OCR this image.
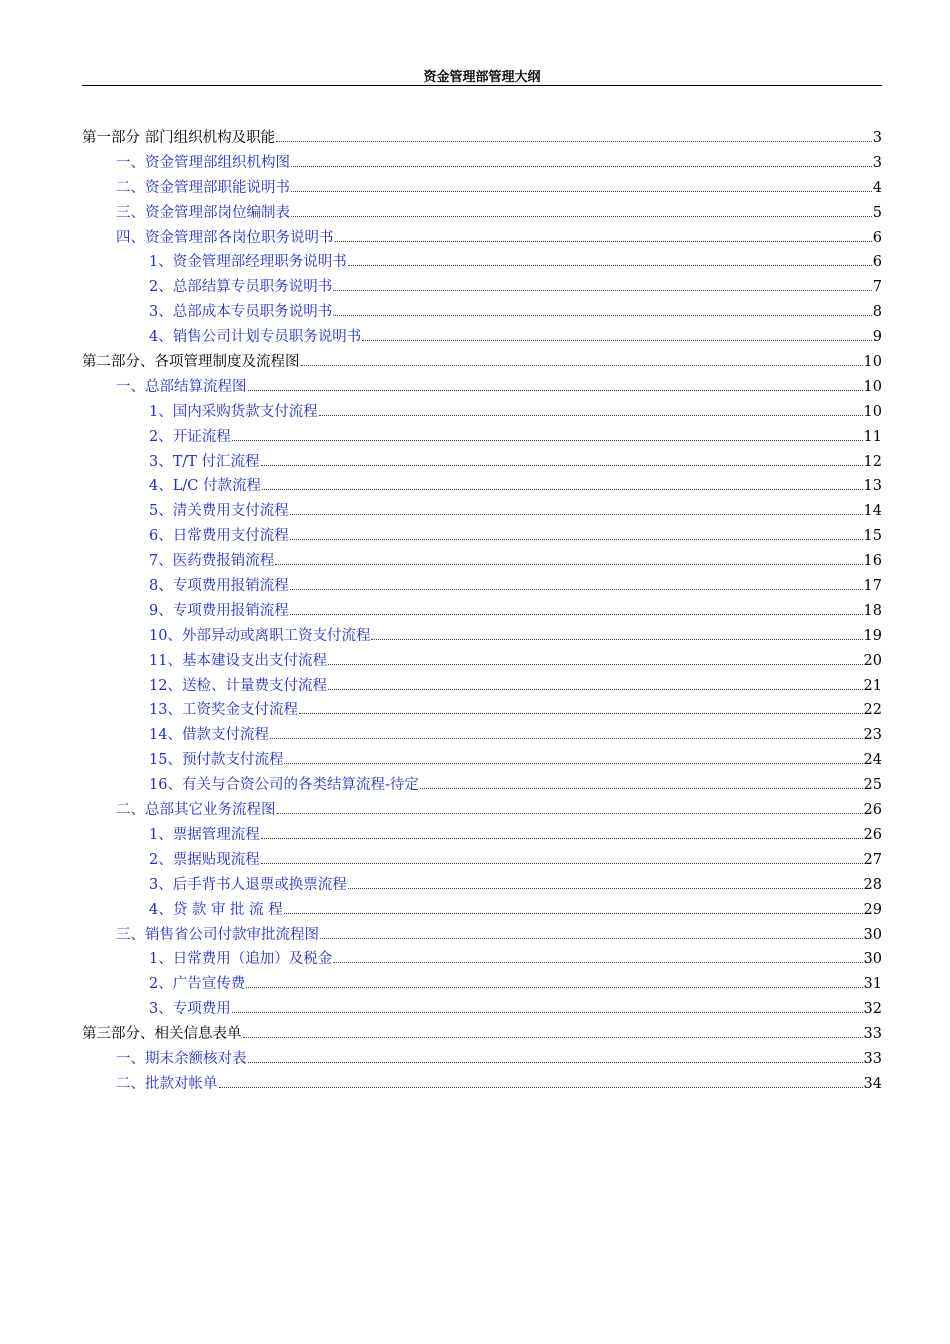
资金管理部管理大纲
第一部分 部门组织机构及职能	3
一、资金管理部组织机构图	3
二、资金管理部职能说明书	4
三、资金管理部岗位编制表	5
四、资金管理部各岗位职务说明书	6
1、资金管理部经理职务说明书	6
2、总部结算专员职务说明书	7
3、总部成本专员职务说明书	8
4、销售公司计划专员职务说明书	9
第二部分、各项管理制度及流程图	10
一、总部结算流程图	10
1、国内采购货款支付流程	10
2、开证流程	11
3、T/T 付汇流程	12
4、L/C 付款流程	13
5、清关费用支付流程	14
6、日常费用支付流程	15
7、医药费报销流程	16
8、专项费用报销流程	17
9、专项费用报销流程	18
10、外部异动或离职工资支付流程	19
11、基本建设支出支付流程	20
12、送检、计量费支付流程	21
13、工资奖金支付流程	22
14、借款支付流程	23
15、预付款支付流程	24
16、有关与合资公司的各类结算流程-待定	25
二、总部其它业务流程图	26
1、票据管理流程	26
2、票据贴现流程	27
3、后手背书人退票或换票流程	28
4、贷 款 审 批 流 程	29
三、销售省公司付款审批流程图	30
1、日常费用（追加）及税金	30
2、广告宣传费	31
3、专项费用	32
第三部分、相关信息表单	33
一、期末余额核对表	33
二、批款对帐单	34
